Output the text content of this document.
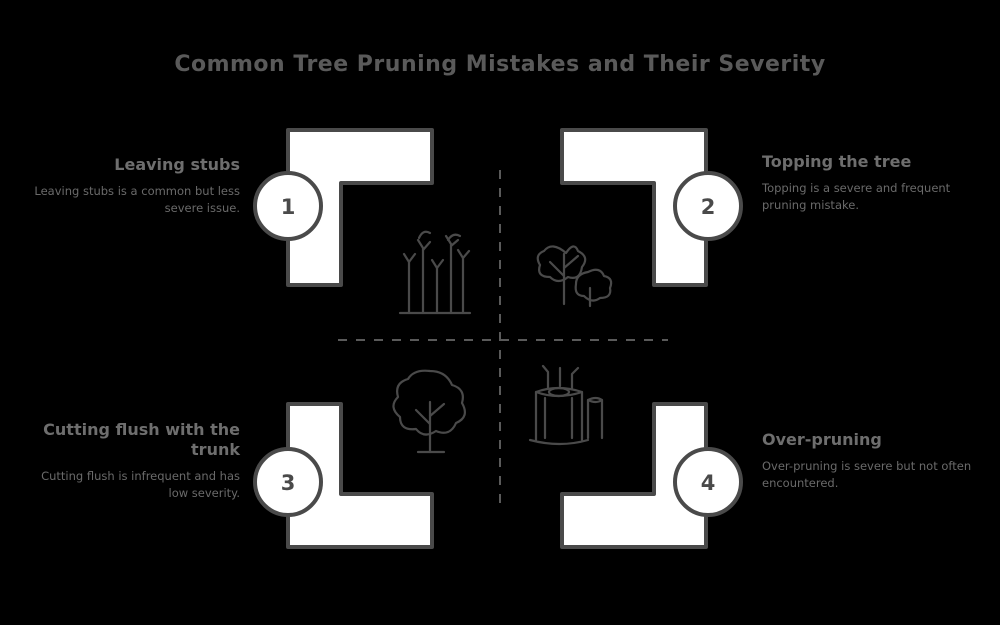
Common Tree Pruning Mistakes and Their Severity
1	2
3	4
Leaving stubs
Leaving stubs is a common but less severe issue.
Topping the tree
Topping is a severe and frequent pruning mistake.
Cutting flush with the trunk
Cutting flush is infrequent and has low severity.
Over-pruning
Over-pruning is severe but not often encountered.
